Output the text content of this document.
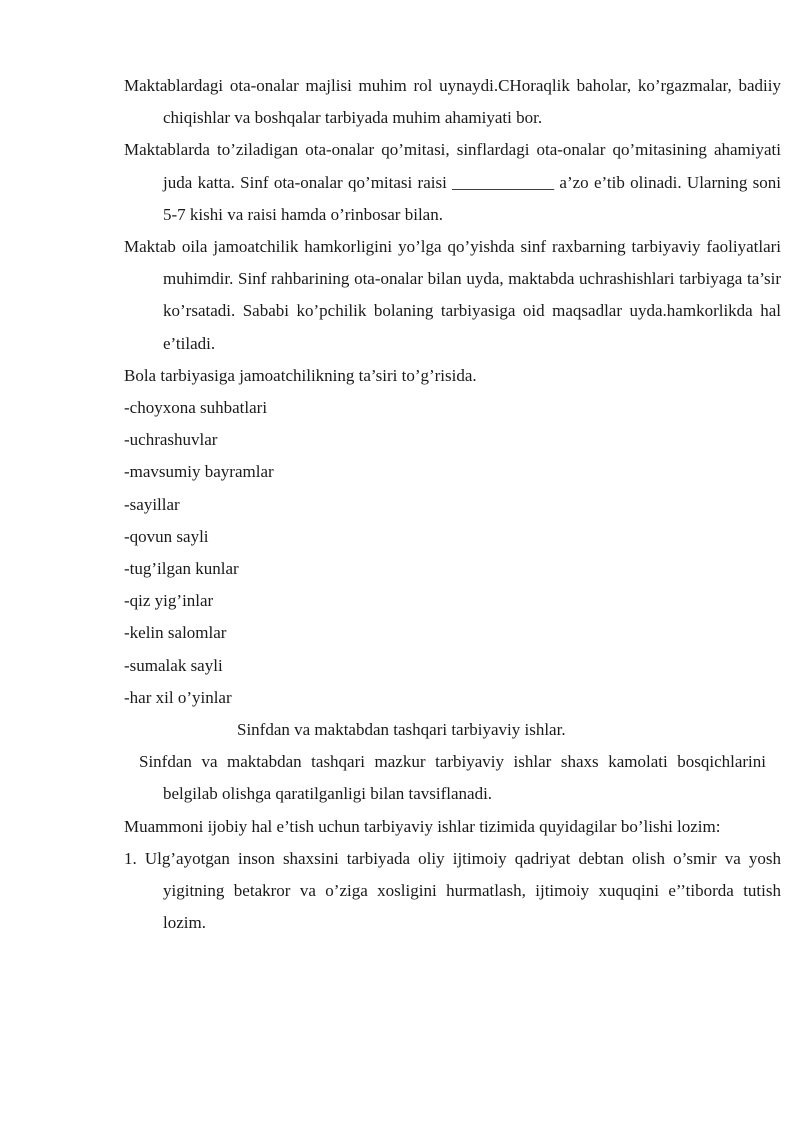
Maktablardagi ota-onalar majlisi muhim rol uynaydi.CHoraqlik baholar, ko’rgazmalar, badiiy chiqishlar va boshqalar tarbiyada muhim ahamiyati bor.

Maktablarda to’ziladigan ota-onalar qo’mitasi, sinflardagi ota-onalar qo’mitasining ahamiyati juda katta. Sinf ota-onalar qo’mitasi raisi ____________ a’zo e’tib olinadi. Ularning soni 5-7 kishi va raisi hamda o’rinbosar bilan.

Maktab oila jamoatchilik hamkorligini yo’lga qo’yishda sinf raxbarning tarbiyaviy faoliyatlari muhimdir. Sinf rahbarining ota-onalar bilan uyda, maktabda uchrashishlari tarbiyaga ta’sir ko’rsatadi. Sababi ko’pchilik bolaning tarbiyasiga oid maqsadlar uyda.hamkorlikda hal e’tiladi.

Bola tarbiyasiga jamoatchilikning ta’siri to’g’risida.

-choyxona suhbatlari
-uchrashuvlar
-mavsumiy bayramlar
-sayillar
-qovun sayli
-tug’ilgan kunlar
-qiz yig’inlar
-kelin salomlar
-sumalak sayli
-har xil o’yinlar
Sinfdan va maktabdan tashqari tarbiyaviy ishlar.

Sinfdan va maktabdan tashqari mazkur tarbiyaviy ishlar shaxs kamolati bosqichlarini belgilab olishga qaratilganligi bilan tavsiflanadi.

Muammoni ijobiy hal e’tish uchun tarbiyaviy ishlar tizimida quyidagilar bo’lishi lozim:

1. Ulg’ayotgan inson shaxsini tarbiyada oliy ijtimoiy qadriyat debtan olish o’smir va yosh yigitning betakror va o’ziga xosligini hurmatlash, ijtimoiy xuquqini e’’tiborda tutish lozim.
